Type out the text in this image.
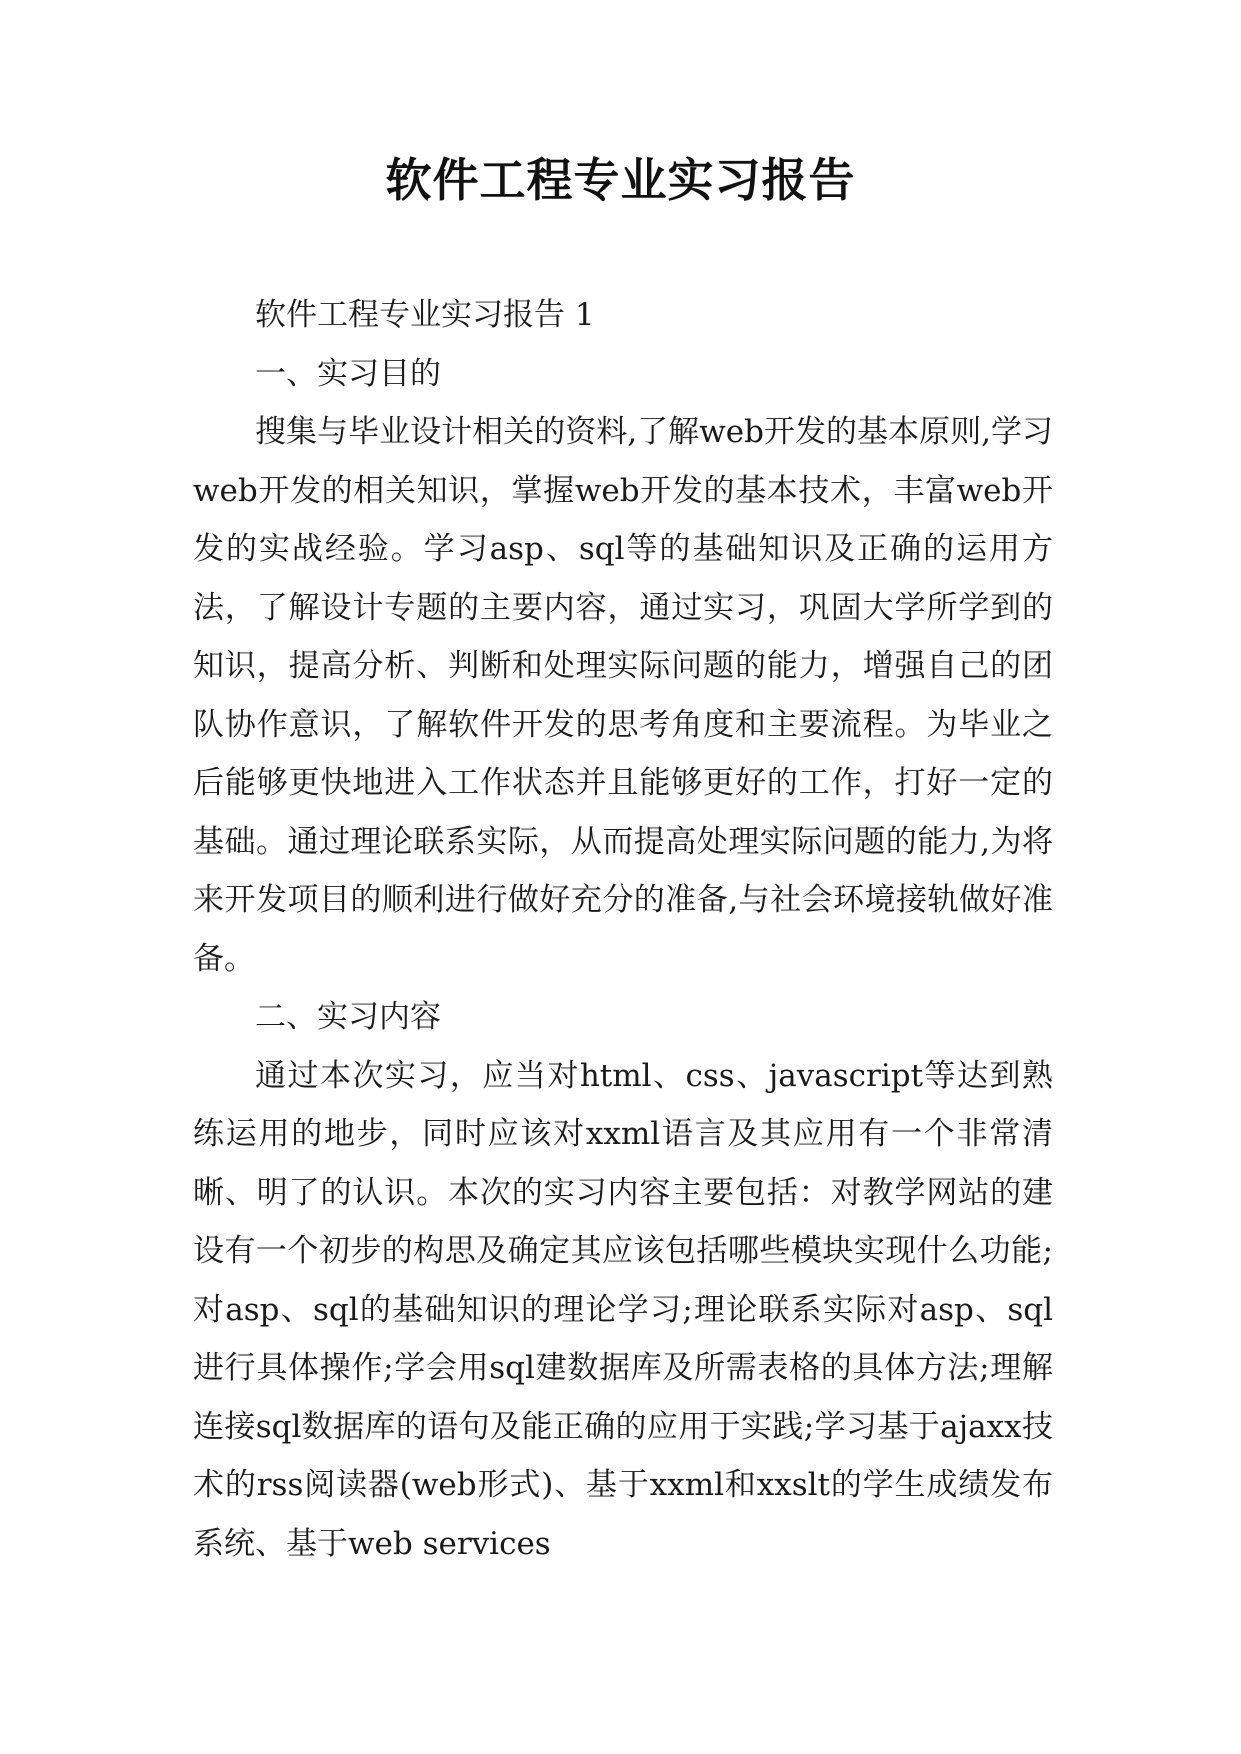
软件工程专业实习报告

软件工程专业实习报告 1

一、实习目的

搜集与毕业设计相关的资料,了解web开发的基本原则,学习web开发的相关知识，掌握web开发的基本技术，丰富web开发的实战经验。学习asp、sql等的基础知识及正确的运用方法，了解设计专题的主要内容，通过实习，巩固大学所学到的知识，提高分析、判断和处理实际问题的能力，增强自己的团队协作意识，了解软件开发的思考角度和主要流程。为毕业之后能够更快地进入工作状态并且能够更好的工作，打好一定的基础。通过理论联系实际，从而提高处理实际问题的能力,为将来开发项目的顺利进行做好充分的准备,与社会环境接轨做好准备。

二、实习内容

通过本次实习，应当对html、css、javascript等达到熟练运用的地步，同时应该对xxml语言及其应用有一个非常清晰、明了的认识。本次的实习内容主要包括：对教学网站的建设有一个初步的构思及确定其应该包括哪些模块实现什么功能;对asp、sql的基础知识的理论学习;理论联系实际对asp、sql进行具体操作;学会用sql建数据库及所需表格的具体方法;理解连接sql数据库的语句及能正确的应用于实践;学习基于ajaxx技术的rss阅读器(web形式)、基于xxml和xxslt的学生成绩发布系统、基于web services
